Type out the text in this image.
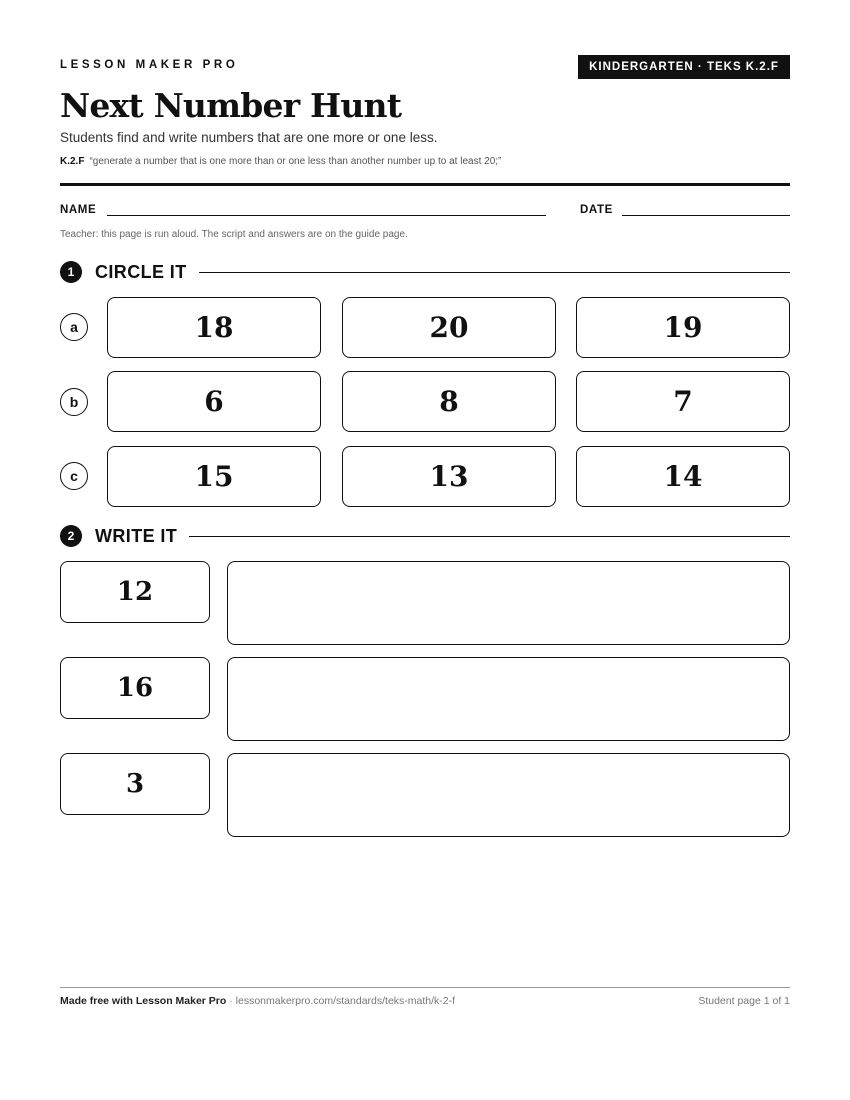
LESSON MAKER PRO	KINDERGARTEN · TEKS K.2.F
Next Number Hunt
Students find and write numbers that are one more or one less.
K.2.F “generate a number that is one more than or one less than another number up to at least 20;”
NAME	DATE
Teacher: this page is run aloud. The script and answers are on the guide page.
1	CIRCLE IT
a	18	20	19
b	6	8	7
c	15	13	14
2	WRITE IT
12
16
3
Made free with Lesson Maker Pro · lessonmakerpro.com/standards/teks-math/k-2-f	Student page 1 of 1
